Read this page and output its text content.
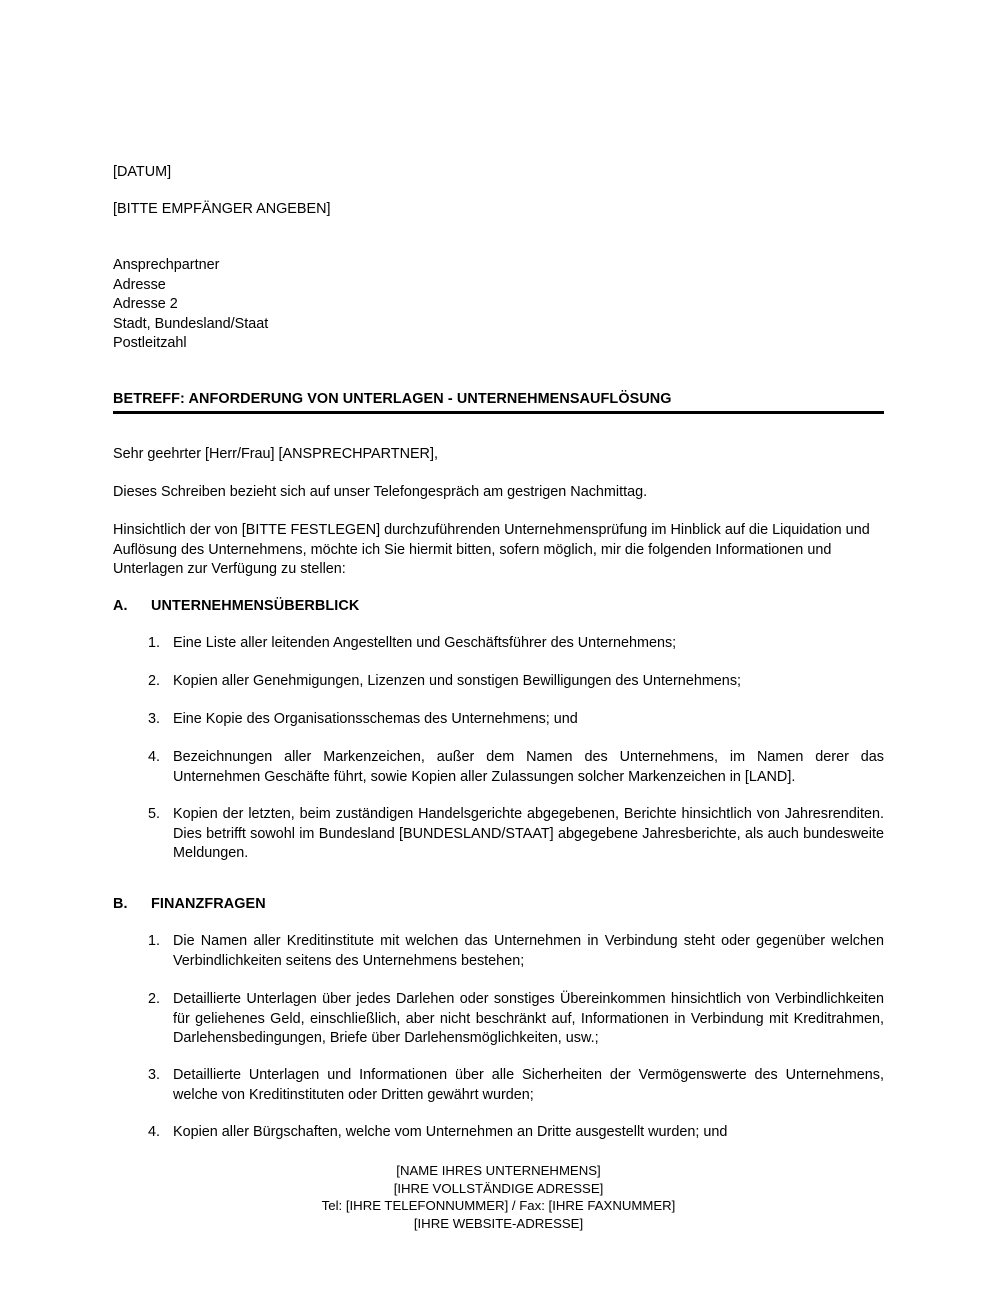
[DATUM]
[BITTE EMPFÄNGER ANGEBEN]
Ansprechpartner
Adresse
Adresse 2
Stadt, Bundesland/Staat
Postleitzahl
BETREFF: ANFORDERUNG VON UNTERLAGEN - UNTERNEHMENSAUFLÖSUNG
Sehr geehrter [Herr/Frau] [ANSPRECHPARTNER],
Dieses Schreiben bezieht sich auf unser Telefongespräch am gestrigen Nachmittag.
Hinsichtlich der von [BITTE FESTLEGEN] durchzuführenden Unternehmensprüfung im Hinblick auf die Liquidation und Auflösung des Unternehmens, möchte ich Sie hiermit bitten, sofern möglich, mir die folgenden Informationen und Unterlagen zur Verfügung zu stellen:
A.	UNTERNEHMENSÜBERBLICK
1. Eine Liste aller leitenden Angestellten und Geschäftsführer des Unternehmens;
2. Kopien aller Genehmigungen, Lizenzen und sonstigen Bewilligungen des Unternehmens;
3. Eine Kopie des Organisationsschemas des Unternehmens; und
4. Bezeichnungen aller Markenzeichen, außer dem Namen des Unternehmens, im Namen derer das Unternehmen Geschäfte führt, sowie Kopien aller Zulassungen solcher Markenzeichen in [LAND].
5. Kopien der letzten, beim zuständigen Handelsgerichte abgegebenen, Berichte hinsichtlich von Jahresrenditen. Dies betrifft sowohl im Bundesland [BUNDESLAND/STAAT] abgegebene Jahresberichte, als auch bundesweite Meldungen.
B.	FINANZFRAGEN
1. Die Namen aller Kreditinstitute mit welchen das Unternehmen in Verbindung steht oder gegenüber welchen Verbindlichkeiten seitens des Unternehmens bestehen;
2. Detaillierte Unterlagen über jedes Darlehen oder sonstiges Übereinkommen hinsichtlich von Verbindlichkeiten für geliehenes Geld, einschließlich, aber nicht beschränkt auf, Informationen in Verbindung mit Kreditrahmen, Darlehensbedingungen, Briefe über Darlehensmöglichkeiten, usw.;
3. Detaillierte Unterlagen und Informationen über alle Sicherheiten der Vermögenswerte des Unternehmens, welche von Kreditinstituten oder Dritten gewährt wurden;
4. Kopien aller Bürgschaften, welche vom Unternehmen an Dritte ausgestellt wurden; und
[NAME IHRES UNTERNEHMENS]
[IHRE VOLLSTÄNDIGE ADRESSE]
Tel: [IHRE TELEFONNUMMER] / Fax: [IHRE FAXNUMMER]
[IHRE WEBSITE-ADRESSE]
